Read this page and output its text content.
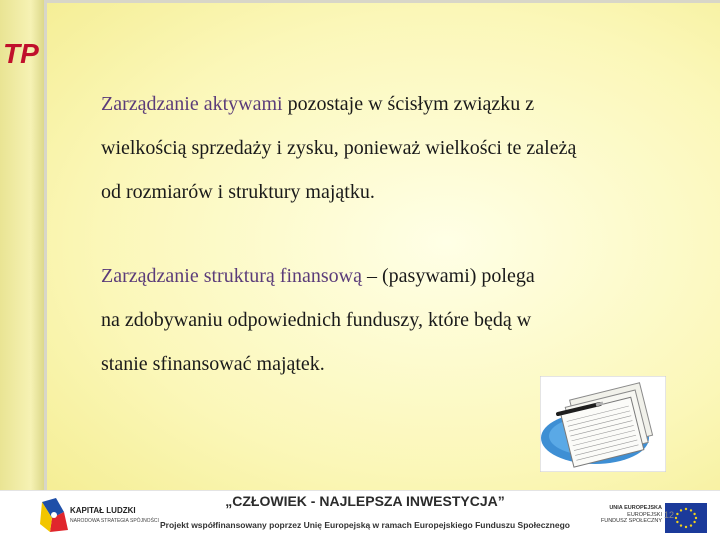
TP

Zarządzanie aktywami pozostaje w ścisłym związku z
wielkością sprzedaży i zysku, ponieważ wielkości te zależą
od rozmiarów i struktury majątku.

Zarządzanie strukturą finansową – (pasywami) polega
na zdobywaniu odpowiednich funduszy, które będą w
stanie sfinansować majątek.

KAPITAŁ LUDZKI
NARODOWA STRATEGIA SPÓJNOŚCI
„CZŁOWIEK - NAJLEPSZA INWESTYCJA”
Projekt współfinansowany poprzez Unię Europejską w ramach Europejskiego Funduszu Społecznego
UNIA EUROPEJSKA
EUROPEJSKI
FUNDUSZ SPOŁECZNY
12
